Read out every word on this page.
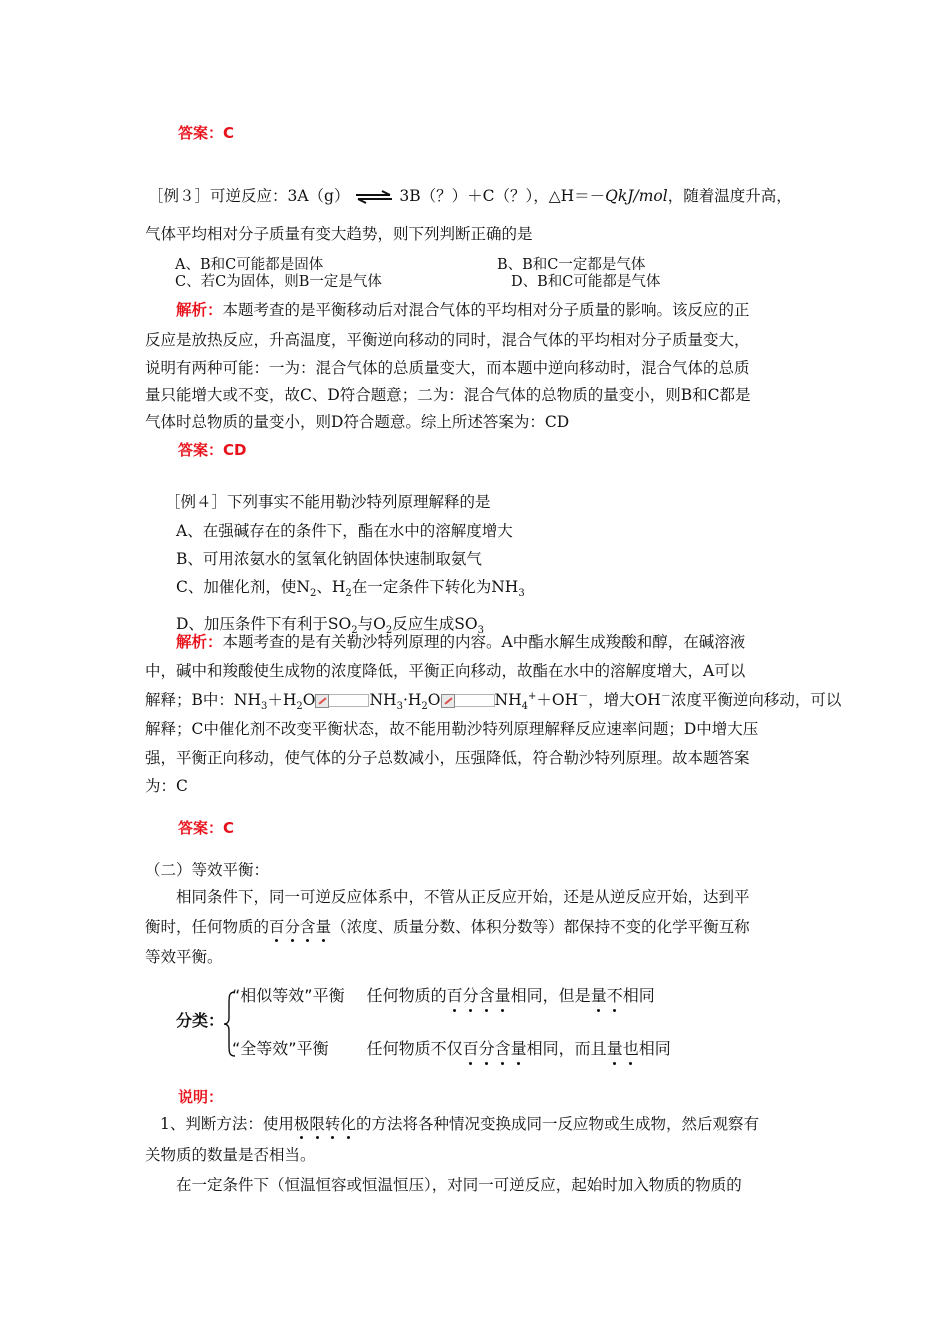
答案：C
［例３］可逆反应：3A（g） ⇌ 3B（？）＋C（？），△H＝－QkJ/mol，随着温度升高，
气体平均相对分子质量有变大趋势，则下列判断正确的是
A、B和C可能都是固体	B、B和C一定都是气体
C、若C为固体，则B一定是气体	D、B和C可能都是气体
解析：本题考查的是平衡移动后对混合气体的平均相对分子质量的影响。该反应的正
反应是放热反应，升高温度，平衡逆向移动的同时，混合气体的平均相对分子质量变大，
说明有两种可能：一为：混合气体的总质量变大，而本题中逆向移动时，混合气体的总质
量只能增大或不变，故C、D符合题意；二为：混合气体的总物质的量变小，则B和C都是
气体时总物质的量变小，则D符合题意。综上所述答案为：CD
答案：CD
［例４］下列事实不能用勒沙特列原理解释的是
A、在强碱存在的条件下，酯在水中的溶解度增大
B、可用浓氨水的氢氧化钠固体快速制取氨气
C、加催化剂，使$N_2$、$H_2$在一定条件下转化为$NH_3$
D、加压条件下有利于$SO_2$与$O_2$反应生成$SO_3$
解析：本题考查的是有关勒沙特列原理的内容。A中酯水解生成羧酸和醇，在碱溶液
中，碱中和羧酸使生成物的浓度降低，平衡正向移动，故酯在水中的溶解度增大，A可以
解释；B中：$NH_3+H_2O$	$NH_3\cdot H_2O$	$NH_4^++OH^-$，增大OH－浓度平衡逆向移动，可以
解释；C中催化剂不改变平衡状态，故不能用勒沙特列原理解释反应速率问题；D中增大压
强，平衡正向移动，使气体的分子总数减小，压强降低，符合勒沙特列原理。故本题答案
为：C
答案：C
（二）等效平衡：
相同条件下，同一可逆反应体系中，不管从正反应开始，还是从逆反应开始，达到平
衡时，任何物质的百分含量（浓度、质量分数、体积分数等）都保持不变的化学平衡互称
等效平衡。
分类：
“相似等效”平衡 任何物质的百分含量相同，但是量不相同
“全等效”平衡 任何物质不仅百分含量相同，而且量也相同
说明：
1、判断方法：使用极限转化的方法将各种情况变换成同一反应物或生成物，然后观察有
关物质的数量是否相当。
在一定条件下（恒温恒容或恒温恒压），对同一可逆反应，起始时加入物质的物质的
